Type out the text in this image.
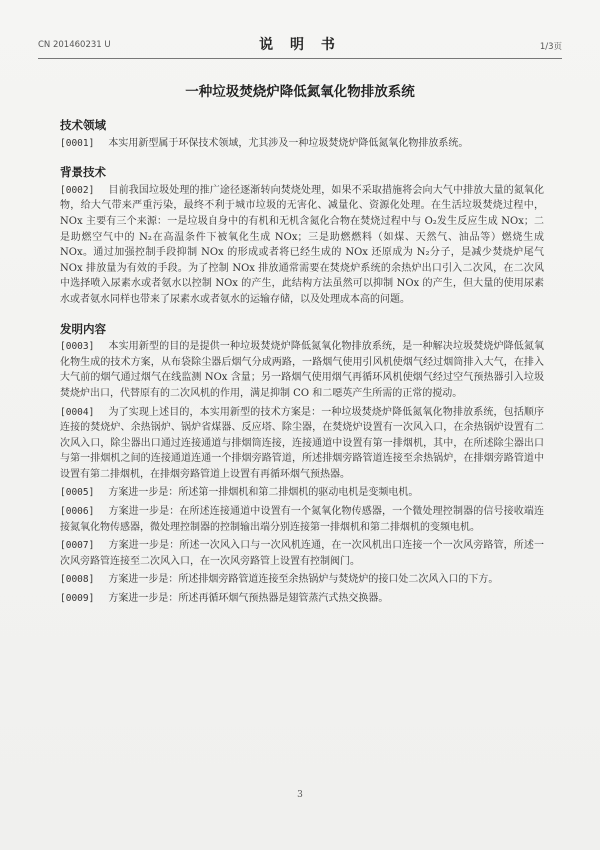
CN 201460231 U	说 明 书	1/3页
一种垃圾焚烧炉降低氮氧化物排放系统
技术领域

[0001] 本实用新型属于环保技术领域，尤其涉及一种垃圾焚烧炉降低氮氧化物排放系统。

背景技术

[0002] 目前我国垃圾处理的推广途径逐渐转向焚烧处理，如果不采取措施将会向大气中排放大量的氮氧化物，给大气带来严重污染，最终不利于城市垃圾的无害化、减量化、资源化处理。在生活垃圾焚烧过程中，NOx 主要有三个来源：一是垃圾自身中的有机和无机含氮化合物在焚烧过程中与 O₂发生反应生成 NOx；二是助燃空气中的 N₂在高温条件下被氧化生成 NOx；三是助燃燃料（如煤、天然气、油品等）燃烧生成 NOx。通过加强控制手段抑制 NOx 的形成或者将已经生成的 NOx 还原成为 N₂分子，是减少焚烧炉尾气 NOx 排放量为有效的手段。为了控制 NOx 排放通常需要在焚烧炉系统的余热炉出口引入二次风，在二次风中选择喷入尿素水或者氨水以控制 NOx 的产生，此结构方法虽然可以抑制 NOx 的产生，但大量的使用尿素水或者氨水同样也带来了尿素水或者氨水的运输存储，以及处理成本高的问题。

发明内容

[0003] 本实用新型的目的是提供一种垃圾焚烧炉降低氮氧化物排放系统，是一种解决垃圾焚烧炉降低氮氧化物生成的技术方案，从布袋除尘器后烟气分成两路，一路烟气使用引风机使烟气经过烟筒排入大气，在排入大气前的烟气通过烟气在线监测 NOx 含量；另一路烟气使用烟气再循环风机使烟气经过空气预热器引入垃圾焚烧炉出口，代替原有的二次风机的作用，满足抑制 CO 和二噁英产生所需的正常的搅动。

[0004] 为了实现上述目的，本实用新型的技术方案是：一种垃圾焚烧炉降低氮氧化物排放系统，包括顺序连接的焚烧炉、余热锅炉、锅炉省煤器、反应塔、除尘器，在焚烧炉设置有一次风入口，在余热锅炉设置有二次风入口，除尘器出口通过连接通道与排烟筒连接，连接通道中设置有第一排烟机，其中，在所述除尘器出口与第一排烟机之间的连接通道连通一个排烟旁路管道，所述排烟旁路管道连接至余热锅炉，在排烟旁路管道中设置有第二排烟机，在排烟旁路管道上设置有再循环烟气预热器。

[0005] 方案进一步是：所述第一排烟机和第二排烟机的驱动电机是变频电机。

[0006] 方案进一步是：在所述连接通道中设置有一个氮氧化物传感器，一个微处理控制器的信号接收端连接氮氧化物传感器，微处理控制器的控制输出端分别连接第一排烟机和第二排烟机的变频电机。

[0007] 方案进一步是：所述一次风入口与一次风机连通，在一次风机出口连接一个一次风旁路管，所述一次风旁路管连接至二次风入口，在一次风旁路管上设置有控制阀门。

[0008] 方案进一步是：所述排烟旁路管道连接至余热锅炉与焚烧炉的接口处二次风入口的下方。

[0009] 方案进一步是：所述再循环烟气预热器是翅管蒸汽式热交换器。

3
